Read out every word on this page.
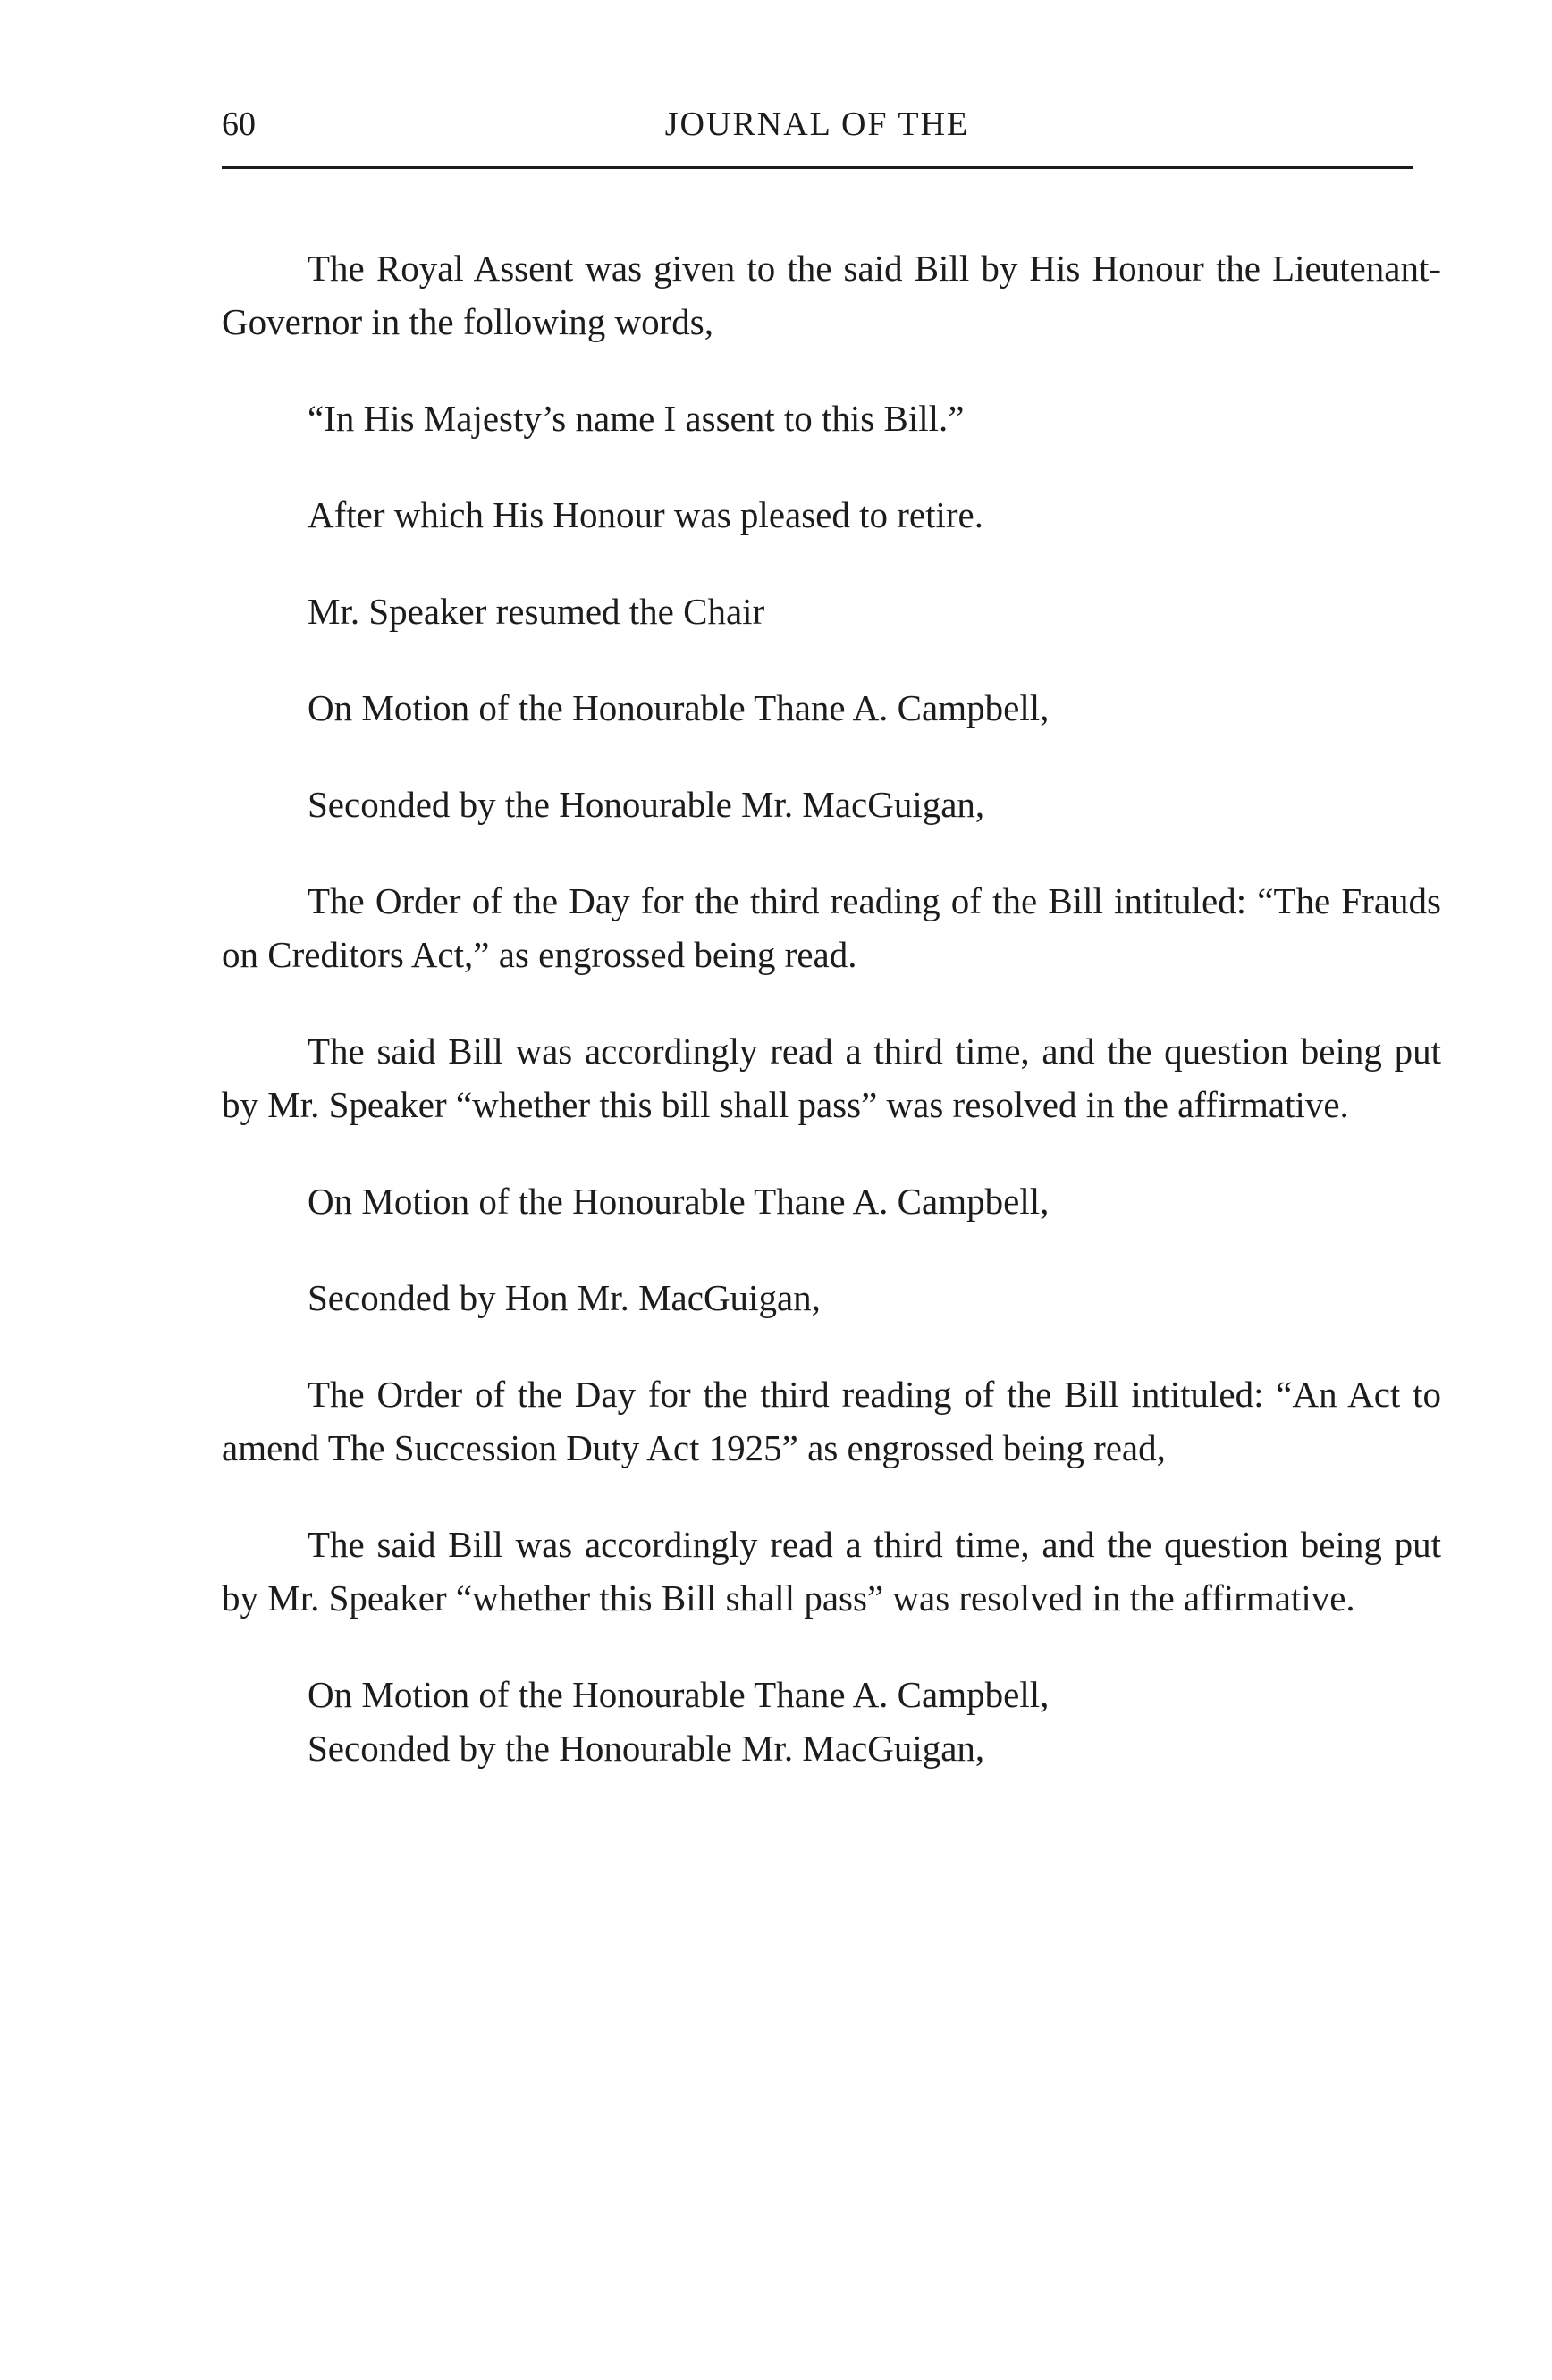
60	JOURNAL OF THE

The Royal Assent was given to the said Bill by His Honour the Lieutenant-Governor in the following words,

“In His Majesty’s name I assent to this Bill.”

After which His Honour was pleased to retire.

Mr. Speaker resumed the Chair

On Motion of the Honourable Thane A. Campbell,

Seconded by the Honourable Mr. MacGuigan,

The Order of the Day for the third reading of the Bill intituled: “The Frauds on Creditors Act,” as engrossed being read.

The said Bill was accordingly read a third time, and the question being put by Mr. Speaker “whether this bill shall pass” was resolved in the affirmative.

On Motion of the Honourable Thane A. Campbell,

Seconded by Hon Mr. MacGuigan,

The Order of the Day for the third reading of the Bill intituled: “An Act to amend The Succession Duty Act 1925” as engrossed being read,

The said Bill was accordingly read a third time, and the question being put by Mr. Speaker “whether this Bill shall pass” was resolved in the affirmative.

On Motion of the Honourable Thane A. Campbell,

Seconded by the Honourable Mr. MacGuigan,
